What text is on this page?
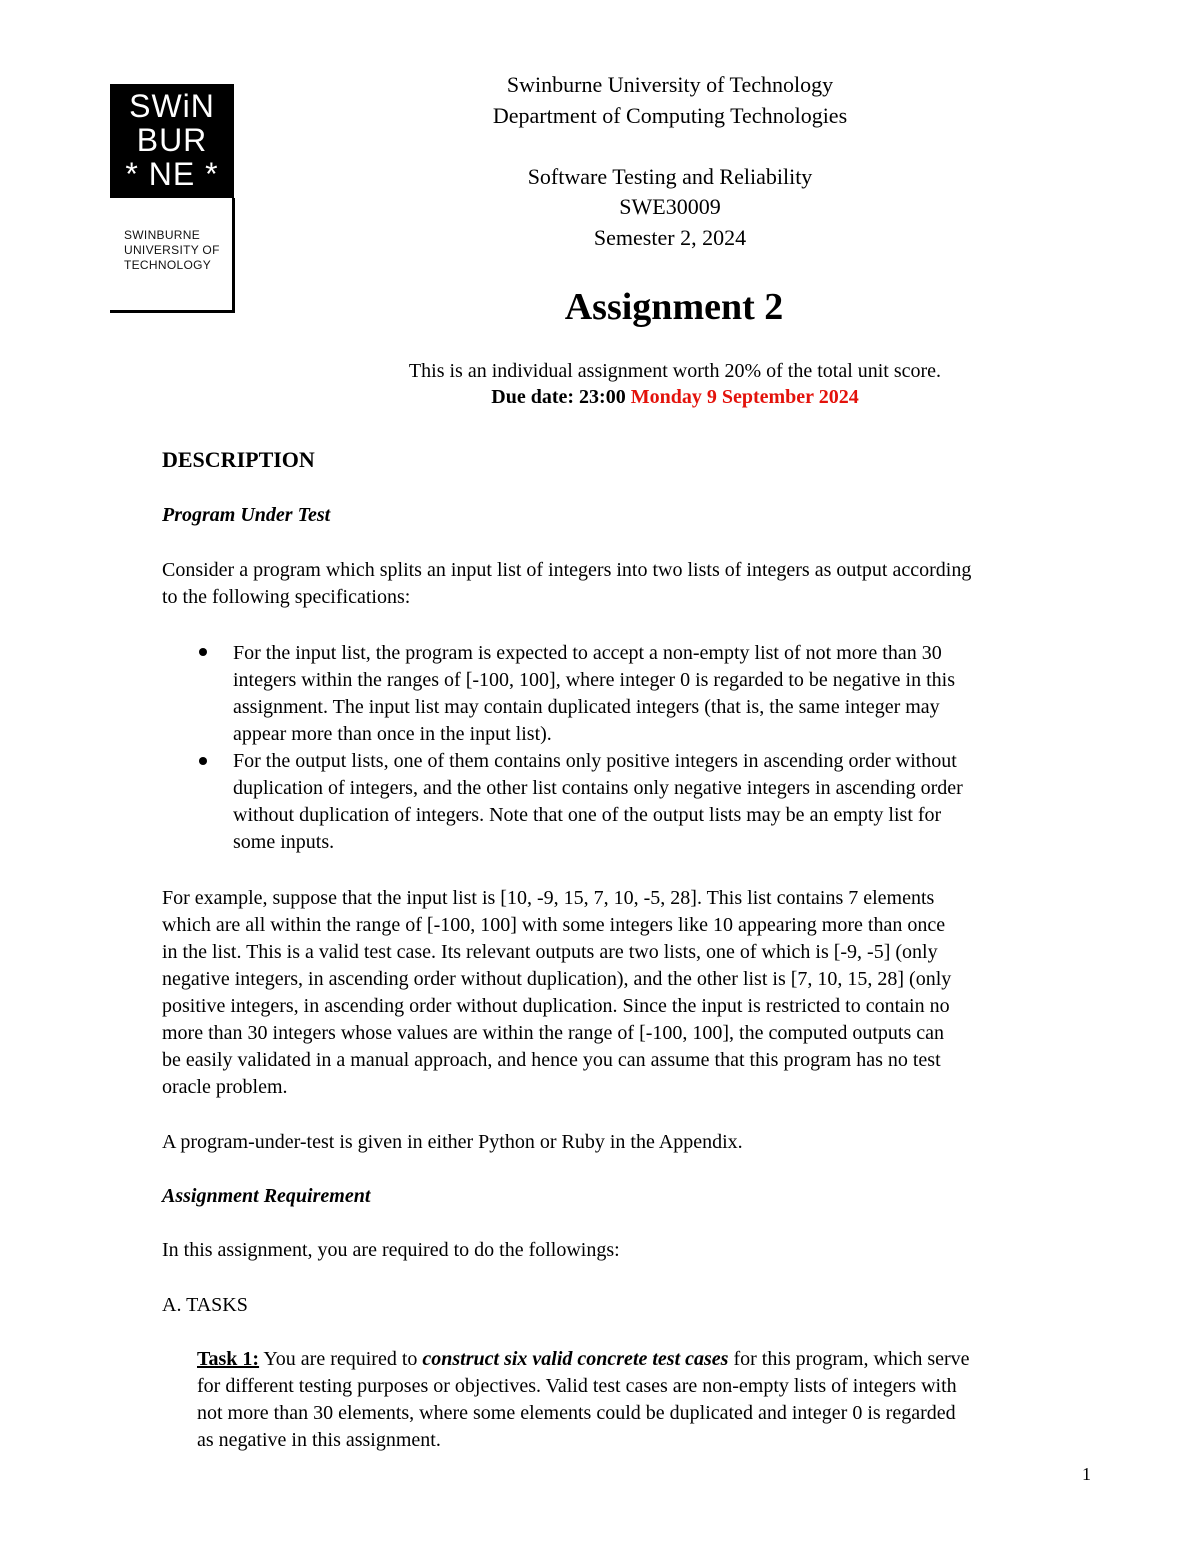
SWiN
BUR
* NE *
SWINBURNE
UNIVERSITY OF
TECHNOLOGY
Swinburne University of Technology
Department of Computing Technologies
Software Testing and Reliability
SWE30009
Semester 2, 2024
Assignment 2
This is an individual assignment worth 20% of the total unit score.
Due date: 23:00 Monday 9 September 2024
DESCRIPTION
Program Under Test
Consider a program which splits an input list of integers into two lists of integers as output according
to the following specifications:
For the input list, the program is expected to accept a non-empty list of not more than 30
integers within the ranges of [-100, 100], where integer 0 is regarded to be negative in this
assignment. The input list may contain duplicated integers (that is, the same integer may
appear more than once in the input list).
For the output lists, one of them contains only positive integers in ascending order without
duplication of integers, and the other list contains only negative integers in ascending order
without duplication of integers. Note that one of the output lists may be an empty list for
some inputs.
For example, suppose that the input list is [10, -9, 15, 7, 10, -5, 28]. This list contains 7 elements
which are all within the range of [-100, 100] with some integers like 10 appearing more than once
in the list. This is a valid test case. Its relevant outputs are two lists, one of which is [-9, -5] (only
negative integers, in ascending order without duplication), and the other list is [7, 10, 15, 28] (only
positive integers, in ascending order without duplication. Since the input is restricted to contain no
more than 30 integers whose values are within the range of [-100, 100], the computed outputs can
be easily validated in a manual approach, and hence you can assume that this program has no test
oracle problem.
A program-under-test is given in either Python or Ruby in the Appendix.
Assignment Requirement
In this assignment, you are required to do the followings:
A. TASKS
Task 1: You are required to construct six valid concrete test cases for this program, which serve
for different testing purposes or objectives. Valid test cases are non-empty lists of integers with
not more than 30 elements, where some elements could be duplicated and integer 0 is regarded
as negative in this assignment.
1
